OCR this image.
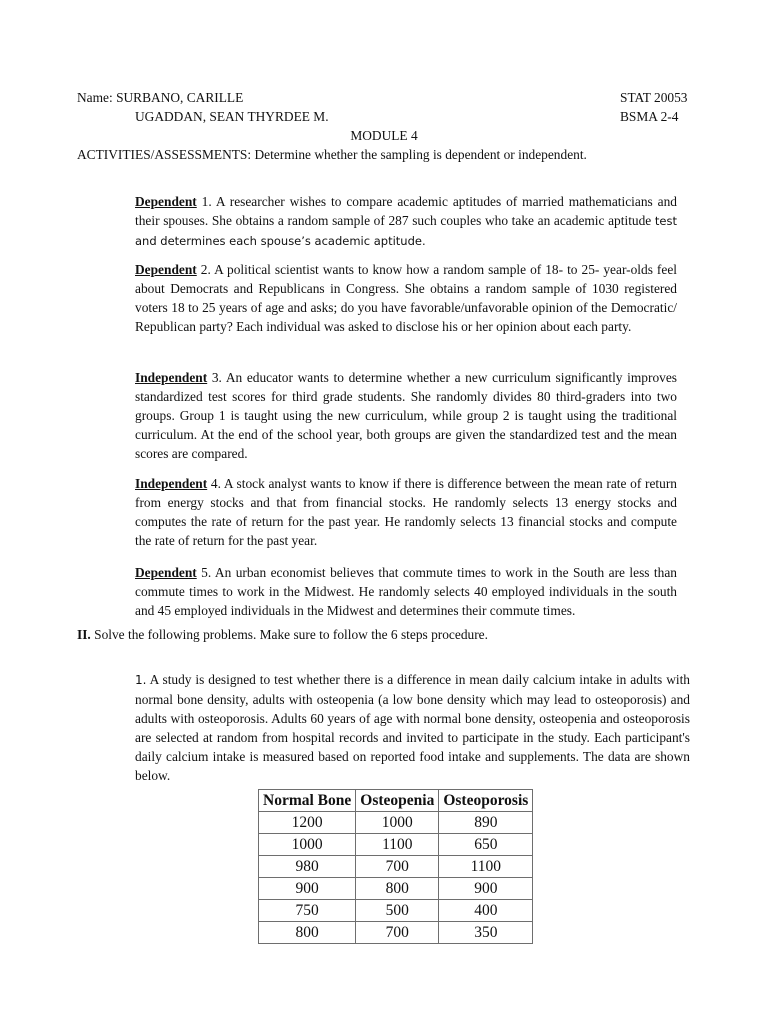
Name: SURBANO, CARILLE

UGADDAN, SEAN THYRDEE M.

STAT 20053

BSMA 2-4

MODULE 4

ACTIVITIES/ASSESSMENTS: Determine whether the sampling is dependent or independent.

Dependent 1. A researcher wishes to compare academic aptitudes of married mathematicians and their spouses. She obtains a random sample of 287 such couples who take an academic aptitude test and determines each spouse’s academic aptitude.

Dependent 2. A political scientist wants to know how a random sample of 18- to 25- year-olds feel about Democrats and Republicans in Congress. She obtains a random sample of 1030 registered voters 18 to 25 years of age and asks; do you have favorable/unfavorable opinion of the Democratic/ Republican party? Each individual was asked to disclose his or her opinion about each party.

Independent 3. An educator wants to determine whether a new curriculum significantly improves standardized test scores for third grade students. She randomly divides 80 third-graders into two groups. Group 1 is taught using the new curriculum, while group 2 is taught using the traditional curriculum. At the end of the school year, both groups are given the standardized test and the mean scores are compared.

Independent 4. A stock analyst wants to know if there is difference between the mean rate of return from energy stocks and that from financial stocks. He randomly selects 13 energy stocks and computes the rate of return for the past year. He randomly selects 13 financial stocks and compute the rate of return for the past year.

Dependent 5. An urban economist believes that commute times to work in the South are less than commute times to work in the Midwest. He randomly selects 40 employed individuals in the south and 45 employed individuals in the Midwest and determines their commute times.

II. Solve the following problems. Make sure to follow the 6 steps procedure.

1. A study is designed to test whether there is a difference in mean daily calcium intake in adults with normal bone density, adults with osteopenia (a low bone density which may lead to osteoporosis) and adults with osteoporosis. Adults 60 years of age with normal bone density, osteopenia and osteoporosis are selected at random from hospital records and invited to participate in the study. Each participant's daily calcium intake is measured based on reported food intake and supplements. The data are shown below.

Normal Bone	Osteopenia	Osteoporosis
1200	1000	890
1000	1100	650
980	700	1100
900	800	900
750	500	400
800	700	350
